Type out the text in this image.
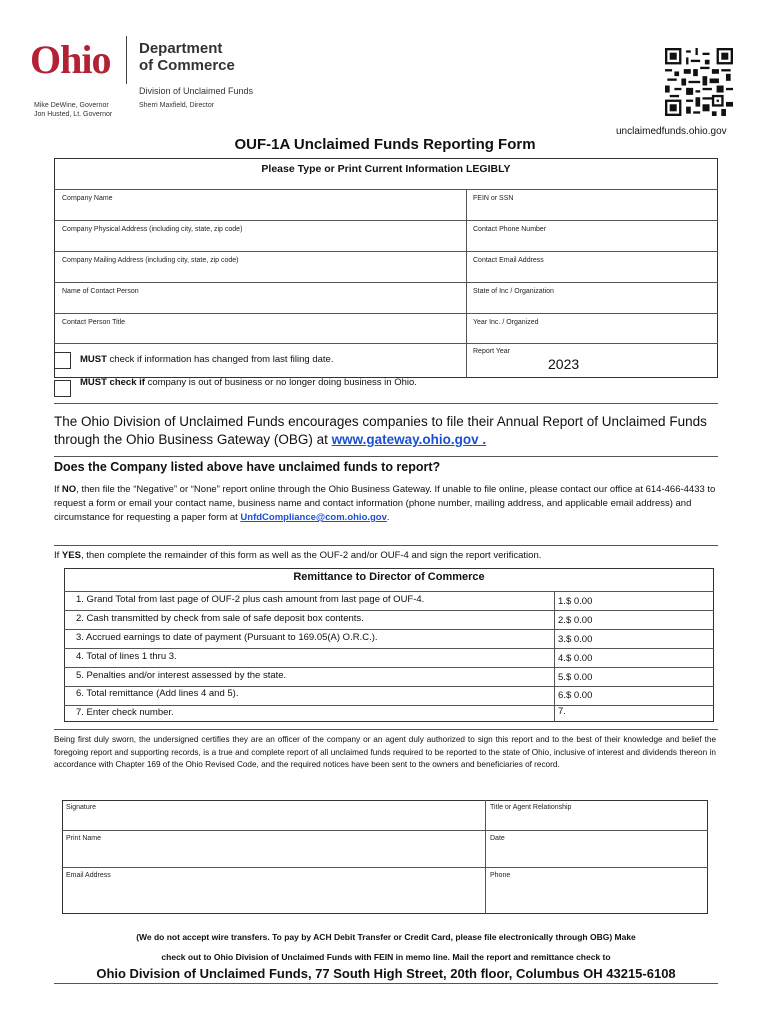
Ohio Department
of Commerce
Division of Unclaimed Funds
Mike DeWine, Governor
Jon Husted, Lt. Governor
Sherri Maxfield, Director
unclaimedfunds.ohio.gov
OUF-1A Unclaimed Funds Reporting Form
Please Type or Print Current Information LEGIBLY
Company Name	FEIN or SSN
Company Physical Address (including city, state, zip code)	Contact Phone Number
Company Mailing Address (including city, state, zip code)	Contact Email Address
Name of Contact Person	State of Inc / Organization
Contact Person Title	Year Inc. / Organized
Report Year
2023
MUST check if information has changed from last filing date.
MUST check if company is out of business or no longer doing business in Ohio.
The Ohio Division of Unclaimed Funds encourages companies to file their Annual Report of Unclaimed Funds through the Ohio Business Gateway (OBG) at www.gateway.ohio.gov .
Does the Company listed above have unclaimed funds to report?
If NO, then file the “Negative” or “None” report online through the Ohio Business Gateway. If unable to file online, please contact our office at 614-466-4433 to request a form or email your contact name, business name and contact information (phone number, mailing address, and applicable email address) and circumstance for requesting a paper form at UnfdCompliance@com.ohio.gov.
If YES, then complete the remainder of this form as well as the OUF-2 and/or OUF-4 and sign the report verification.
Remittance to Director of Commerce
1. Grand Total from last page of OUF-2 plus cash amount from last page of OUF-4.	1.$ 0.00
2. Cash transmitted by check from sale of safe deposit box contents.	2.$ 0.00
3. Accrued earnings to date of payment (Pursuant to 169.05(A) O.R.C.).	3.$ 0.00
4. Total of lines 1 thru 3.	4.$ 0.00
5. Penalties and/or interest assessed by the state.	5.$ 0.00
6. Total remittance (Add lines 4 and 5).	6.$ 0.00
7. Enter check number.	7.
Being first duly sworn, the undersigned certifies they are an officer of the company or an agent duly authorized to sign this report and to the best of their knowledge and belief the foregoing report and supporting records, is a true and complete report of all unclaimed funds required to be reported to the state of Ohio, inclusive of interest and dividends thereon in accordance with Chapter 169 of the Ohio Revised Code, and the required notices have been sent to the owners and beneficiaries of record.
Signature	Title or Agent Relationship
Print Name	Date
Email Address	Phone
(We do not accept wire transfers. To pay by ACH Debit Transfer or Credit Card, please file electronically through OBG) Make
check out to Ohio Division of Unclaimed Funds with FEIN in memo line. Mail the report and remittance check to
Ohio Division of Unclaimed Funds, 77 South High Street, 20th floor, Columbus OH 43215-6108
